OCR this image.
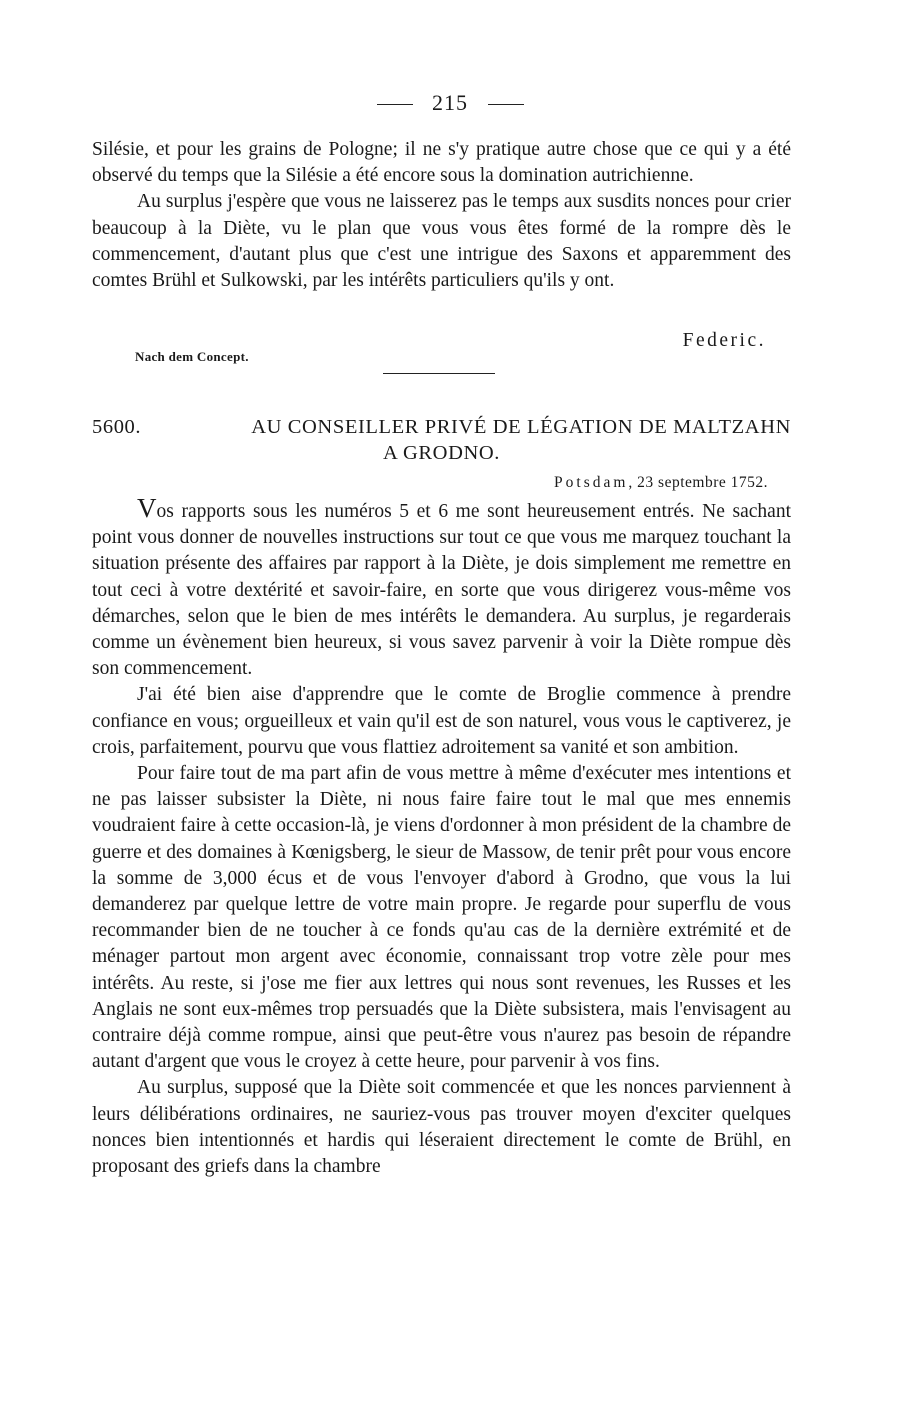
215

Silésie, et pour les grains de Pologne; il ne s'y pratique autre chose que ce qui y a été observé du temps que la Silésie a été encore sous la domination autrichienne.

Au surplus j'espère que vous ne laisserez pas le temps aux susdits nonces pour crier beaucoup à la Diète, vu le plan que vous vous êtes formé de la rompre dès le commencement, d'autant plus que c'est une intrigue des Saxons et apparemment des comtes Brühl et Sulkowski, par les intérêts particuliers qu'ils y ont.

Federic.
Nach dem Concept.
5600.	AU CONSEILLER PRIVÉ DE LÉGATION DE MALTZAHN
A GRODNO.
Potsdam, 23 septembre 1752.

Vos rapports sous les numéros 5 et 6 me sont heureusement entrés. Ne sachant point vous donner de nouvelles instructions sur tout ce que vous me marquez touchant la situation présente des affaires par rapport à la Diète, je dois simplement me remettre en tout ceci à votre dextérité et savoir-faire, en sorte que vous dirigerez vous-même vos démarches, selon que le bien de mes intérêts le demandera. Au surplus, je regarderais comme un évènement bien heureux, si vous savez parvenir à voir la Diète rompue dès son commencement.

J'ai été bien aise d'apprendre que le comte de Broglie commence à prendre confiance en vous; orgueilleux et vain qu'il est de son naturel, vous vous le captiverez, je crois, parfaitement, pourvu que vous flattiez adroitement sa vanité et son ambition.

Pour faire tout de ma part afin de vous mettre à même d'exécuter mes intentions et ne pas laisser subsister la Diète, ni nous faire faire tout le mal que mes ennemis voudraient faire à cette occasion-là, je viens d'ordonner à mon président de la chambre de guerre et des domaines à Kœnigsberg, le sieur de Massow, de tenir prêt pour vous encore la somme de 3,000 écus et de vous l'envoyer d'abord à Grodno, que vous la lui demanderez par quelque lettre de votre main propre. Je regarde pour superflu de vous recommander bien de ne toucher à ce fonds qu'au cas de la dernière extrémité et de ménager partout mon argent avec économie, connaissant trop votre zèle pour mes intérêts. Au reste, si j'ose me fier aux lettres qui nous sont revenues, les Russes et les Anglais ne sont eux-mêmes trop persuadés que la Diète subsistera, mais l'envisagent au contraire déjà comme rompue, ainsi que peut-être vous n'aurez pas besoin de répandre autant d'argent que vous le croyez à cette heure, pour parvenir à vos fins.

Au surplus, supposé que la Diète soit commencée et que les nonces parviennent à leurs délibérations ordinaires, ne sauriez-vous pas trouver moyen d'exciter quelques nonces bien intentionnés et hardis qui léseraient directement le comte de Brühl, en proposant des griefs dans la chambre
